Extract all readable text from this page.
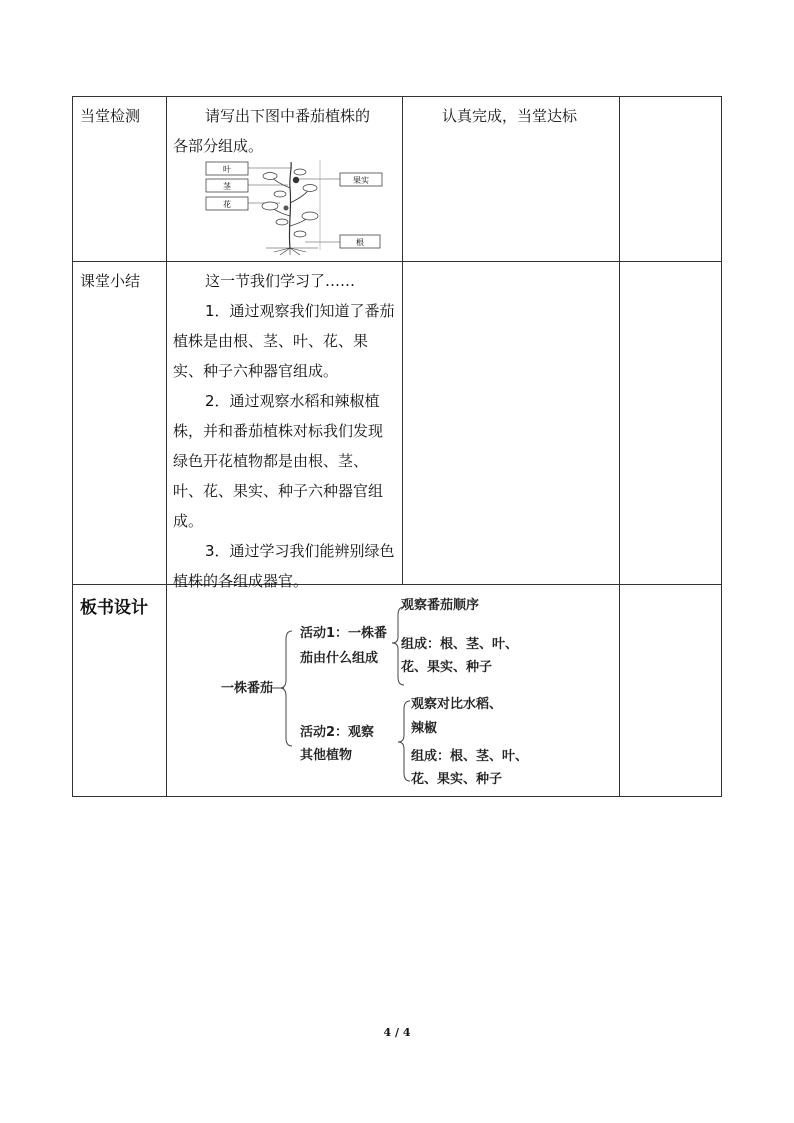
当堂检测	请写出下图中番茄植株的

各部分组成。

认真完成，当堂达标
叶
茎
花
果实
根
课堂小结	这一节我们学习了……

1．通过观察我们知道了番茄植株是由根、茎、叶、花、果实、种子六种器官组成。

2．通过观察水稻和辣椒植株，并和番茄植株对标我们发现绿色开花植物都是由根、茎、叶、花、果实、种子六种器官组成。

3．通过学习我们能辨别绿色植株的各组成器官。

板书设计
一株番茄
活动1：一株番
茄由什么组成
观察番茄顺序
组成：根、茎、叶、
花、果实、种子
活动2：观察
其他植物
观察对比水稻、
辣椒
组成：根、茎、叶、
花、果实、种子
4 / 4
